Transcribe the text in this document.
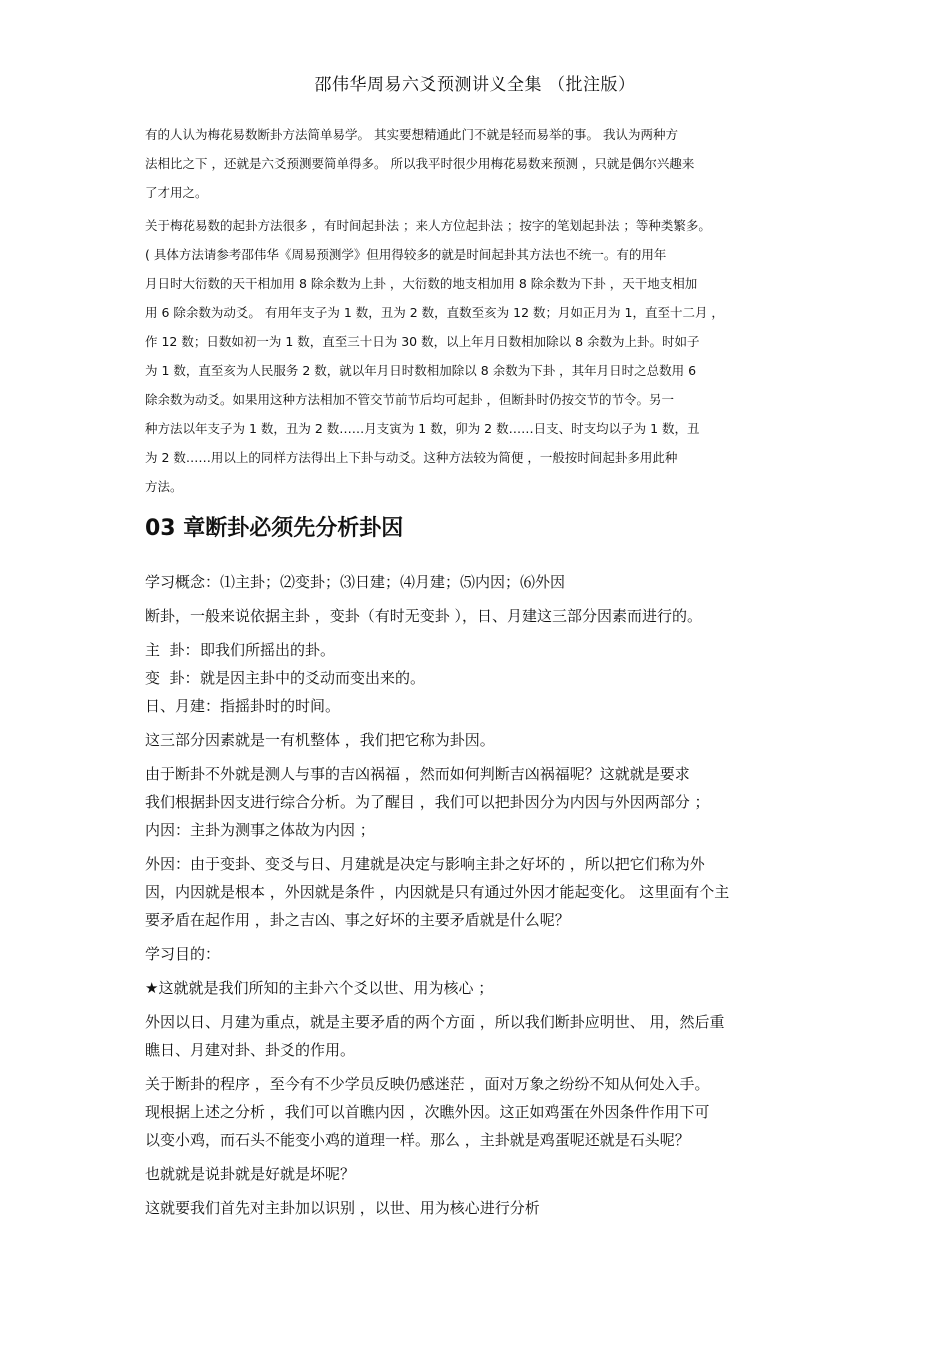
邵伟华周易六爻预测讲义全集 （批注版）

有的人认为梅花易数断卦方法简单易学。 其实要想精通此门不就是轻而易举的事。 我认为两种方
法相比之下 ，还就是六爻预测要简单得多。 所以我平时很少用梅花易数来预测 ，只就是偶尔兴趣来
了才用之。

关于梅花易数的起卦方法很多 ，有时间起卦法 ；来人方位起卦法 ；按字的笔划起卦法 ；等种类繁多。
( 具体方法请参考邵伟华《周易预测学》但用得较多的就是时间起卦其方法也不统一。有的用年
月日时大衍数的天干相加用 8 除余数为上卦 ，大衍数的地支相加用 8 除余数为下卦 ，天干地支相加
用 6 除余数为动爻。 有用年支子为 1 数，丑为 2 数，直数至亥为 12 数；月如正月为 1，直至十二月 ，
作 12 数；日数如初一为 1 数，直至三十日为 30 数，以上年月日数相加除以 8 余数为上卦。时如子
为 1 数，直至亥为人民服务 2 数，就以年月日时数相加除以 8 余数为下卦 ，其年月日时之总数用 6
除余数为动爻。如果用这种方法相加不管交节前节后均可起卦 ，但断卦时仍按交节的节令。另一
种方法以年支子为 1 数，丑为 2 数……月支寅为 1 数，卯为 2 数……日支、时支均以子为 1 数，丑
为 2 数……用以上的同样方法得出上下卦与动爻。这种方法较为简便 ，一般按时间起卦多用此种
方法。

03 章断卦必须先分析卦因

学习概念：⑴主卦；⑵变卦；⑶日建；⑷月建；⑸内因；⑹外因

断卦，一般来说依据主卦 ，变卦（有时无变卦 ），日、月建这三部分因素而进行的。

主  卦：即我们所摇出的卦。

变  卦：就是因主卦中的爻动而变出来的。

日、月建：指摇卦时的时间。

这三部分因素就是一有机整体 ，我们把它称为卦因。

由于断卦不外就是测人与事的吉凶祸福 ，然而如何判断吉凶祸福呢？这就就是要求
我们根据卦因支进行综合分析。为了醒目 ，我们可以把卦因分为内因与外因两部分 ；
内因：主卦为测事之体故为内因 ；

外因：由于变卦、变爻与日、月建就是决定与影响主卦之好坏的 ，所以把它们称为外
因，内因就是根本 ，外因就是条件 ，内因就是只有通过外因才能起变化。 这里面有个主
要矛盾在起作用 ，卦之吉凶、事之好坏的主要矛盾就是什么呢？

学习目的：

★这就就是我们所知的主卦六个爻以世、用为核心 ；

外因以日、月建为重点，就是主要矛盾的两个方面 ，所以我们断卦应明世、 用，然后重
瞧日、月建对卦、卦爻的作用。

关于断卦的程序 ，至今有不少学员反映仍感迷茫 ，面对万象之纷纷不知从何处入手。
现根据上述之分析 ，我们可以首瞧内因 ，次瞧外因。这正如鸡蛋在外因条件作用下可
以变小鸡，而石头不能变小鸡的道理一样。那么 ，主卦就是鸡蛋呢还就是石头呢？

也就就是说卦就是好就是坏呢？

这就要我们首先对主卦加以识别 ，以世、用为核心进行分析
